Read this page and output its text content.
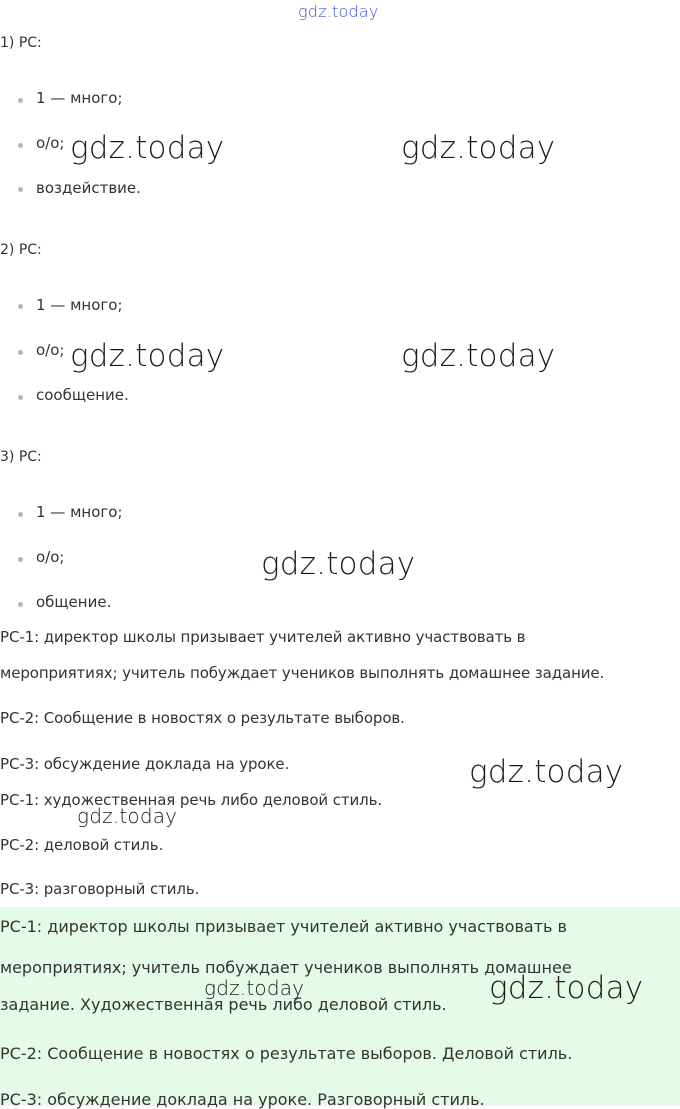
gdz.today
1) РС:
1 — много;
о/о;
воздействие.
2) РС:
1 — много;
о/о;
сообщение.
3) РС:
1 — много;
о/о;
общение.
РС-1: директор школы призывает учителей активно участвовать в
мероприятиях; учитель побуждает учеников выполнять домашнее задание.
РС-2: Сообщение в новостях о результате выборов.
РС-3: обсуждение доклада на уроке.
РС-1: художественная речь либо деловой стиль.
РС-2: деловой стиль.
РС-3: разговорный стиль.
РС-1: директор школы призывает учителей активно участвовать в
мероприятиях; учитель побуждает учеников выполнять домашнее
задание. Художественная речь либо деловой стиль.
РС-2: Сообщение в новостях о результате выборов. Деловой стиль.
РС-3: обсуждение доклада на уроке. Разговорный стиль.
gdz.today	gdz.today
gdz.today	gdz.today
gdz.today
gdz.today
gdz.today
gdz.today	gdz.today
